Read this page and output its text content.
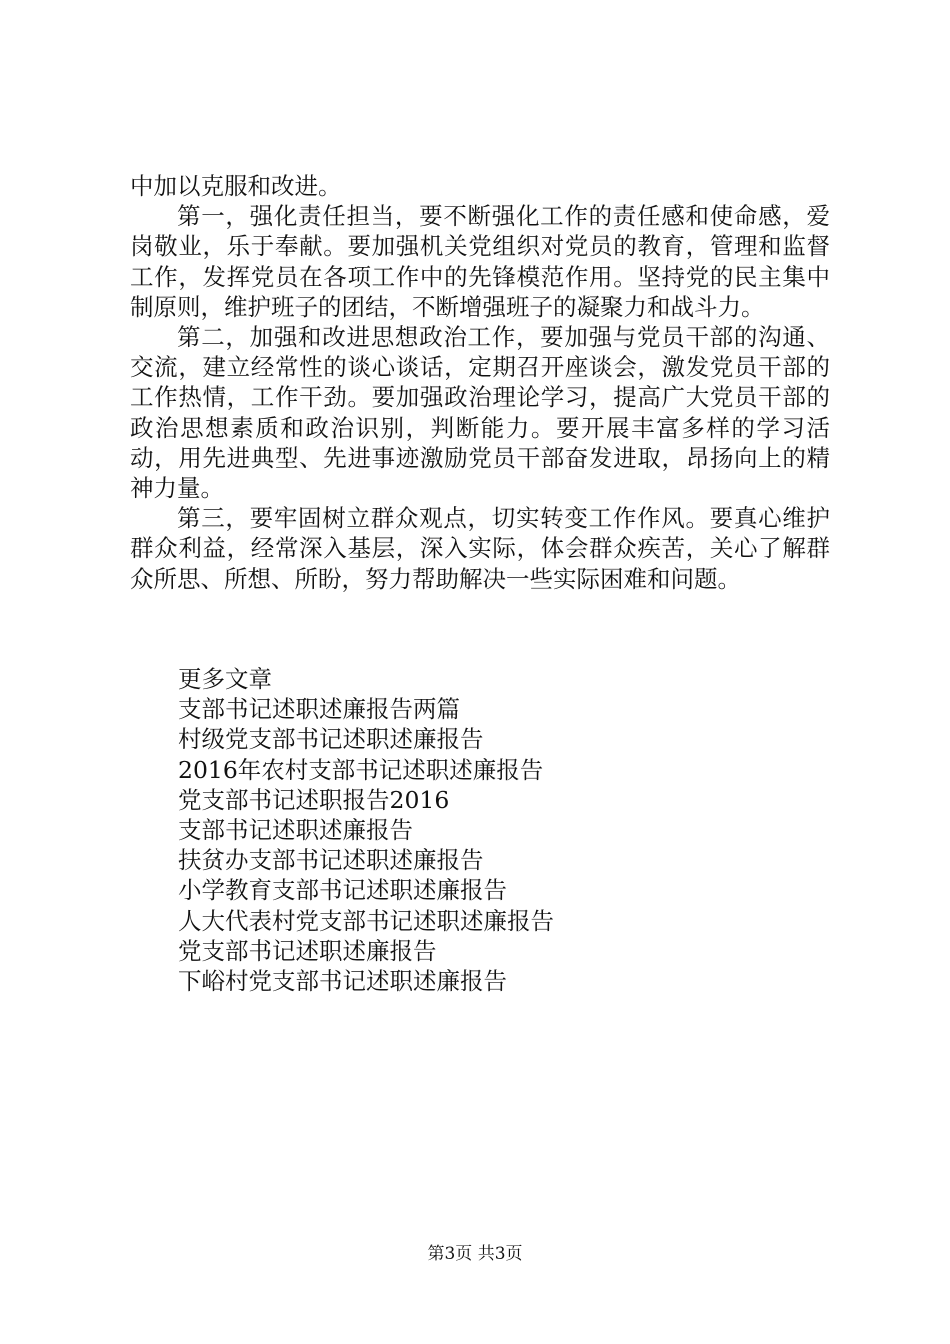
中加以克服和改进。

第一，强化责任担当，要不断强化工作的责任感和使命感，爱岗敬业，乐于奉献。要加强机关党组织对党员的教育，管理和监督工作，发挥党员在各项工作中的先锋模范作用。坚持党的民主集中制原则，维护班子的团结，不断增强班子的凝聚力和战斗力。

第二，加强和改进思想政治工作，要加强与党员干部的沟通、交流，建立经常性的谈心谈话，定期召开座谈会，激发党员干部的工作热情，工作干劲。要加强政治理论学习，提高广大党员干部的政治思想素质和政治识别，判断能力。要开展丰富多样的学习活动，用先进典型、先进事迹激励党员干部奋发进取，昂扬向上的精神力量。

第三，要牢固树立群众观点，切实转变工作作风。要真心维护群众利益，经常深入基层，深入实际，体会群众疾苦，关心了解群众所思、所想、所盼，努力帮助解决一些实际困难和问题。

更多文章
支部书记述职述廉报告两篇
村级党支部书记述职述廉报告
2016年农村支部书记述职述廉报告
党支部书记述职报告2016
支部书记述职述廉报告
扶贫办支部书记述职述廉报告
小学教育支部书记述职述廉报告
人大代表村党支部书记述职述廉报告
党支部书记述职述廉报告
下峪村党支部书记述职述廉报告
第3页 共3页
